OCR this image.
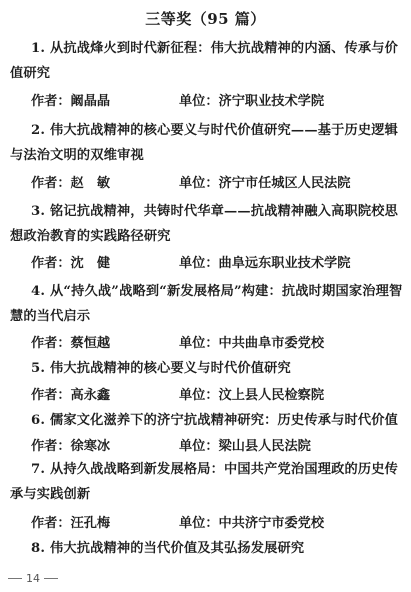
三等奖（95 篇）
1. 从抗战烽火到时代新征程：伟大抗战精神的内涵、传承与价值研究
作者：阚晶晶	单位：济宁职业技术学院
2. 伟大抗战精神的核心要义与时代价值研究——基于历史逻辑与法治文明的双维审视
作者：赵　敏	单位：济宁市任城区人民法院
3. 铭记抗战精神，共铸时代华章——抗战精神融入高职院校思想政治教育的实践路径研究
作者：沈　健	单位：曲阜远东职业技术学院
4. 从“持久战”战略到“新发展格局”构建：抗战时期国家治理智慧的当代启示
作者：蔡恒越	单位：中共曲阜市委党校
5. 伟大抗战精神的核心要义与时代价值研究
作者：高永鑫	单位：汶上县人民检察院
6. 儒家文化滋养下的济宁抗战精神研究：历史传承与时代价值
作者：徐寒冰	单位：梁山县人民法院
7. 从持久战战略到新发展格局：中国共产党治国理政的历史传承与实践创新
作者：汪孔梅	单位：中共济宁市委党校
8. 伟大抗战精神的当代价值及其弘扬发展研究
14
